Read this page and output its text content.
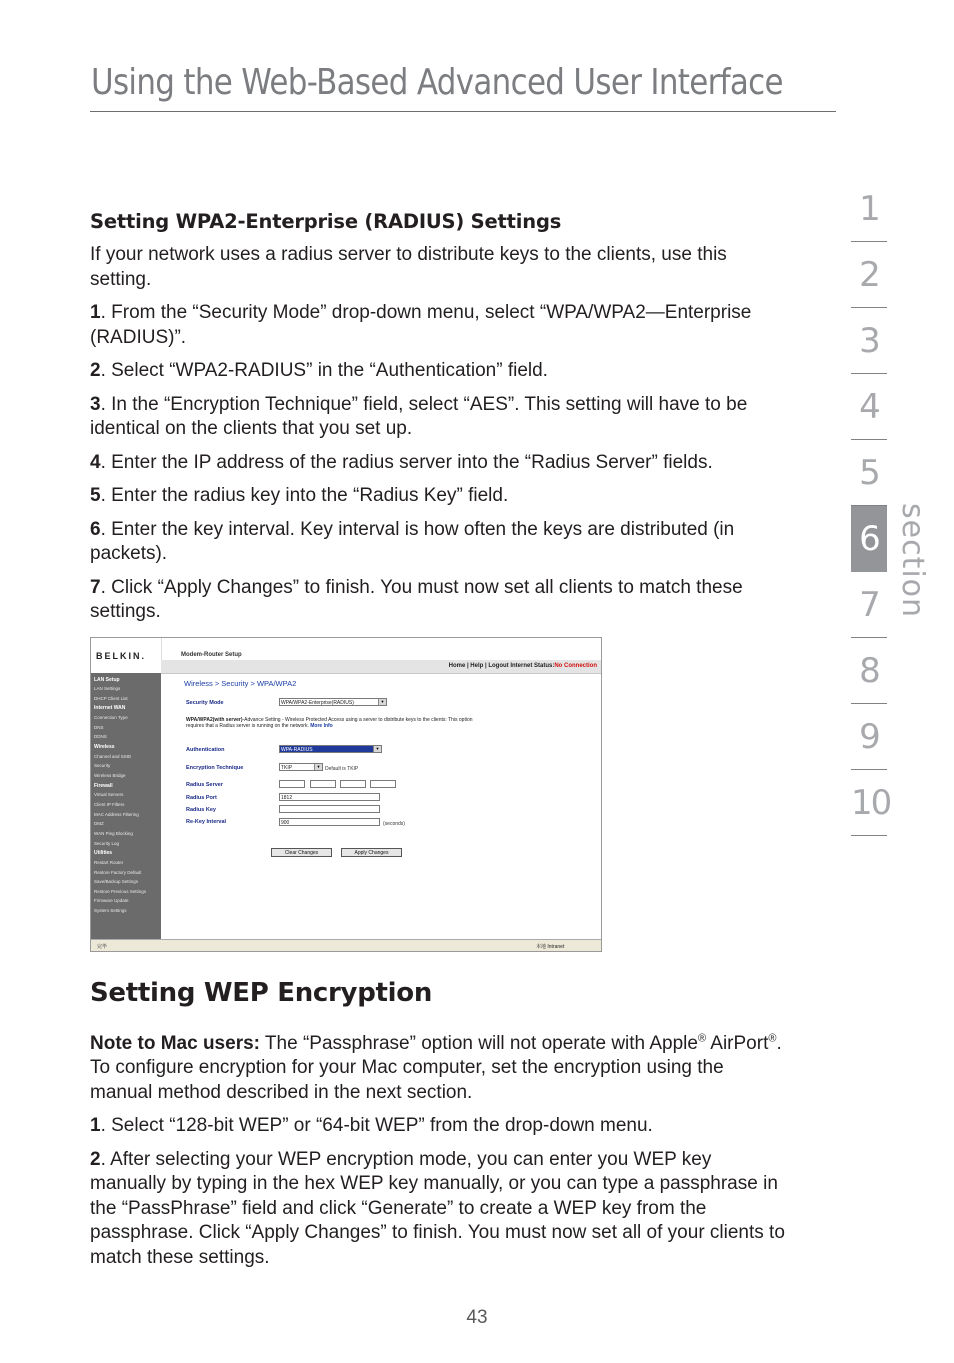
Using the Web-Based Advanced User Interface
Setting WPA2-Enterprise (RADIUS) Settings

If your network uses a radius server to distribute keys to the clients, use this setting.

1. From the “Security Mode” drop-down menu, select “WPA/WPA2—Enterprise (RADIUS)”.

2. Select “WPA2-RADIUS” in the “Authentication” field.

3. In the “Encryption Technique” field, select “AES”. This setting will have to be identical on the clients that you set up.

4. Enter the IP address of the radius server into the “Radius Server” fields.

5. Enter the radius key into the “Radius Key” field.

6. Enter the key interval. Key interval is how often the keys are distributed (in packets).

7. Click “Apply Changes” to finish. You must now set all clients to match these settings.

BELKIN.	Modem-Router Setup
Home | Help | Logout Internet Status:No Connection
LAN Setup
LAN Settings
DHCP Client List
Internet WAN
Connection Type
DNS
DDNS
Wireless
Channel and SSID
Security
Wireless Bridge
Firewall
Virtual Servers
Client IP Filters
MAC Address Filtering
DMZ
WAN Ping Blocking
Security Log
Utilities
Restart Router
Restore Factory Default
Save/Backup Settings
Restore Previous Settings
Firmware Update
System Settings
Wireless > Security > WPA/WPA2
Security Mode	WPA/WPA2-Enterprise(RADIUS)	▼
WPA/WPA2(with server)-Advance Setting - Wireless Protected Access using a server to distribute keys to the clients: This option requires that a Radius server is running on the network. More Info
Authentication	WPA-RADIUS	▼
Encryption Technique	TKIP	▼ Default is TKIP
Radius Server
Radius Port	1812
Radius Key
Re-Key Interval	900	(seconds)
Clear Changes	Apply Changes
完毕	本地 Intranet
Setting WEP Encryption

Note to Mac users: The “Passphrase” option will not operate with Apple® AirPort®. To configure encryption for your Mac computer, set the encryption using the manual method described in the next section.

1. Select “128-bit WEP” or “64-bit WEP” from the drop-down menu.

2. After selecting your WEP encryption mode, you can enter you WEP key manually by typing in the hex WEP key manually, or you can type a passphrase in the “PassPhrase” field and click “Generate” to create a WEP key from the passphrase. Click “Apply Changes” to finish. You must now set all of your clients to match these settings.

1
2
3
4
5
6
7
8
9
10
section
43
